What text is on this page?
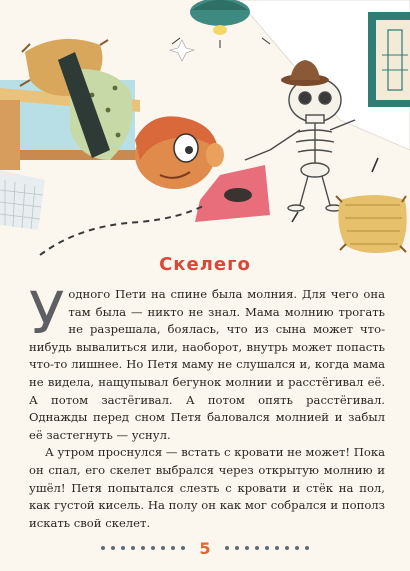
Скелего

Уодного Пети на спине была молния. Для чего она там была — никто не знал. Мама молнию трогать не разрешала, боялась, что из сына может что-нибудь вывалиться или, наоборот, внутрь может попасть что-то лишнее. Но Петя маму не слушался и, когда мама не видела, нащупывал бегунок молнии и расстёгивал её. А потом застёгивал. А потом опять расстёгивал. Однажды перед сном Петя баловался молнией и забыл её застегнуть — уснул.

А утром проснулся — встать с кровати не может! Пока он спал, его скелет выбрался через открытую молнию и ушёл! Петя попытался слезть с кровати и стёк на пол, как густой кисель. На полу он как мог собрался и пополз искать свой скелет.

5
